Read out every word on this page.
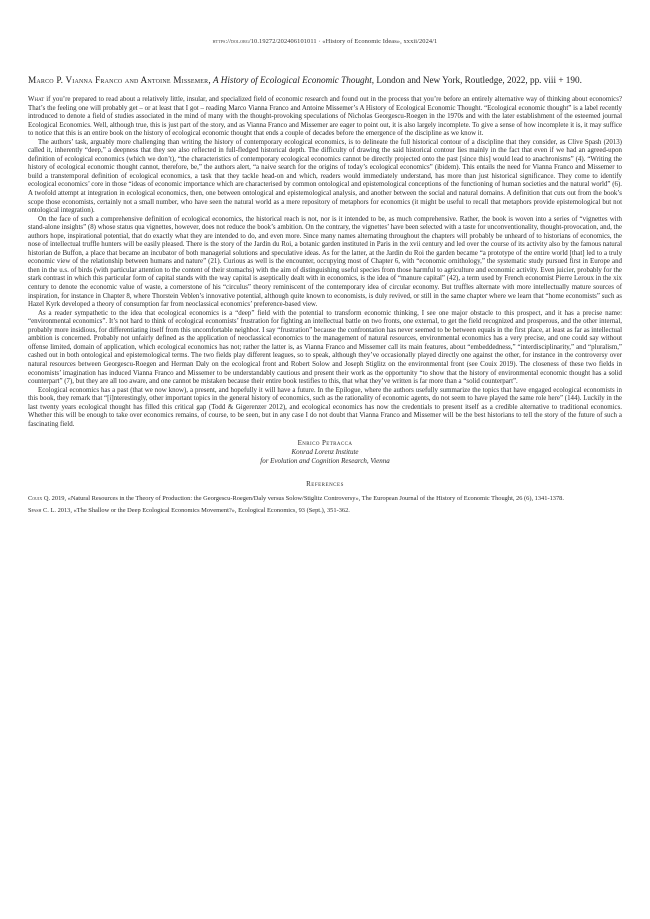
https://doi.org/10.19272/202406101011 · «History of Economic Ideas», xxxii/2024/1

Marco P. Vianna Franco and Antoine Missemer, A History of Ecological Economic Thought, London and New York, Routledge, 2022, pp. viii + 190.

What if you’re prepared to read about a relatively little, insular, and specialized field of economic research and found out in the process that you’re before an entirely alternative way of thinking about economics? That’s the feeling one will probably get – or at least that I got – reading Marco Vianna Franco and Antoine Missemer’s A History of Ecological Economic Thought. “Ecological economic thought” is a label recently introduced to denote a field of studies associated in the mind of many with the thought-provoking speculations of Nicholas Georgescu-Roegen in the 1970s and with the later establishment of the esteemed journal Ecological Economics. Well, although true, this is just part of the story, and as Vianna Franco and Missemer are eager to point out, it is also largely incomplete. To give a sense of how incomplete it is, it may suffice to notice that this is an entire book on the history of ecological economic thought that ends a couple of decades before the emergence of the discipline as we know it.

The authors’ task, arguably more challenging than writing the history of contemporary ecological economics, is to delineate the full historical contour of a discipline that they consider, as Clive Spash (2013) called it, inherently “deep,” a deepness that they see also reflected in full-fledged historical depth. The difficulty of drawing the said historical contour lies mainly in the fact that even if we had an agreed-upon definition of ecological economics (which we don’t), “the characteristics of contemporary ecological economics cannot be directly projected onto the past [since this] would lead to anachronisms” (4). “Writing the history of ecological economic thought cannot, therefore, be,” the authors alert, “a naive search for the origins of today’s ecological economics” (ibidem). This entails the need for Vianna Franco and Missemer to build a transtemporal definition of ecological economics, a task that they tackle head-on and which, readers would immediately understand, has more than just historical significance. They come to identify ecological economics’ core in those “ideas of economic importance which are characterised by common ontological and epistemological conceptions of the functioning of human societies and the natural world” (6). A twofold attempt at integration in ecological economics, then, one between ontological and epistemological analysis, and another between the social and natural domains. A definition that cuts out from the book’s scope those economists, certainly not a small number, who have seen the natural world as a mere repository of metaphors for economics (it might be useful to recall that metaphors provide epistemological but not ontological integration).

On the face of such a comprehensive definition of ecological economics, the historical reach is not, nor is it intended to be, as much comprehensive. Rather, the book is woven into a series of “vignettes with stand-alone insights” (8) whose status qua vignettes, however, does not reduce the book’s ambition. On the contrary, the vignettes’ have been selected with a taste for unconventionality, thought-provocation, and, the authors hope, inspirational potential, that do exactly what they are intended to do, and even more. Since many names alternating throughout the chapters will probably be unheard of to historians of economics, the nose of intellectual truffle hunters will be easily pleased. There is the story of the Jardin du Roi, a botanic garden instituted in Paris in the xvii century and led over the course of its activity also by the famous natural historian de Buffon, a place that became an incubator of both managerial solutions and speculative ideas. As for the latter, at the Jardin du Roi the garden became “a prototype of the entire world [that] led to a truly economic view of the relationship between humans and nature” (21). Curious as well is the encounter, occupying most of Chapter 6, with “economic ornithology,” the systematic study pursued first in Europe and then in the u.s. of birds (with particular attention to the content of their stomachs) with the aim of distinguishing useful species from those harmful to agriculture and economic activity. Even juicier, probably for the stark contrast in which this particular form of capital stands with the way capital is aseptically dealt with in economics, is the idea of “manure capital” (42), a term used by French economist Pierre Leroux in the xix century to denote the economic value of waste, a cornerstone of his “circulus” theory reminiscent of the contemporary idea of circular economy. But truffles alternate with more intellectually mature sources of inspiration, for instance in Chapter 8, where Thorstein Veblen’s innovative potential, although quite known to economists, is duly revived, or still in the same chapter where we learn that “home economists” such as Hazel Kyrk developed a theory of consumption far from neoclassical economics’ preference-based view.

As a reader sympathetic to the idea that ecological economics is a “deep” field with the potential to transform economic thinking, I see one major obstacle to this prospect, and it has a precise name: “environmental economics”. It’s not hard to think of ecological economists’ frustration for fighting an intellectual battle on two fronts, one external, to get the field recognized and prosperous, and the other internal, probably more insidious, for differentiating itself from this uncomfortable neighbor. I say “frustration” because the confrontation has never seemed to be between equals in the first place, at least as far as intellectual ambition is concerned. Probably not unfairly defined as the application of neoclassical economics to the management of natural resources, environmental economics has a very precise, and one could say without offense limited, domain of application, which ecological economics has not; rather the latter is, as Vianna Franco and Missemer call its main features, about “embeddedness,” “interdisciplinarity,” and “pluralism,” cashed out in both ontological and epistemological terms. The two fields play different leagues, so to speak, although they’ve occasionally played directly one against the other, for instance in the controversy over natural resources between Georgescu-Roegen and Herman Daly on the ecological front and Robert Solow and Joseph Stiglitz on the environmental front (see Couix 2019). The closeness of these two fields in economists’ imagination has induced Vianna Franco and Missemer to be understandably cautious and present their work as the opportunity “to show that the history of environmental economic thought has a solid counterpart” (7), but they are all too aware, and one cannot be mistaken because their entire book testifies to this, that what they’ve written is far more than a “solid counterpart”.

Ecological economics has a past (that we now know), a present, and hopefully it will have a future. In the Epilogue, where the authors usefully summarize the topics that have engaged ecological economists in this book, they remark that “[i]nterestingly, other important topics in the general history of economics, such as the rationality of economic agents, do not seem to have played the same role here” (144). Luckily in the last twenty years ecological thought has filled this critical gap (Todd & Gigerenzer 2012), and ecological economics has now the credentials to present itself as a credible alternative to traditional economics. Whether this will be enough to take over economics remains, of course, to be seen, but in any case I do not doubt that Vianna Franco and Missemer will be the best historians to tell the story of the future of such a fascinating field.

Enrico Petracca
Konrad Lorenz Institute
for Evolution and Cognition Research, Vienna
References

Couix Q. 2019, «Natural Resources in the Theory of Production: the Georgescu-Roegen/Daly versus Solow/Stiglitz Controversy», The European Journal of the History of Economic Thought, 26 (6), 1341-1378.

Spash C. L. 2013, «The Shallow or the Deep Ecological Economics Movement?», Ecological Economics, 93 (Sept.), 351-362.
